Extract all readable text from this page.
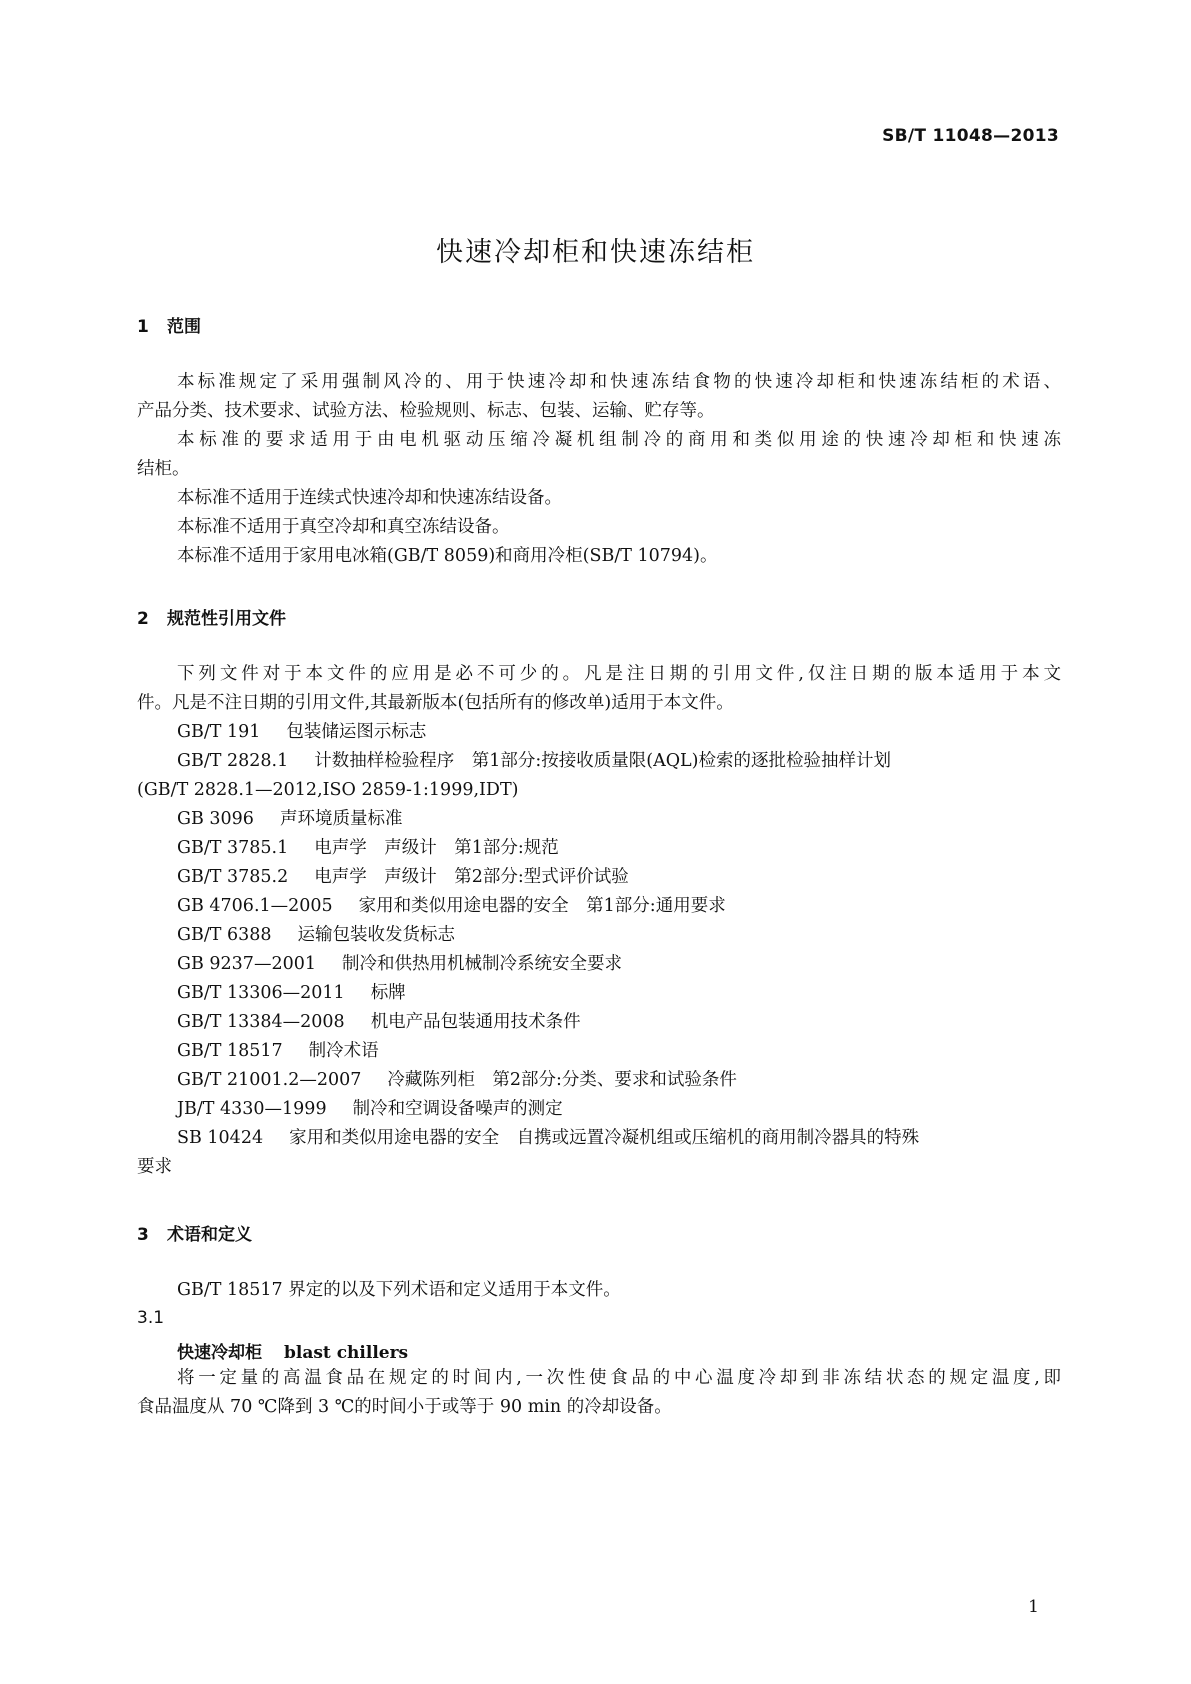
SB/T 11048—2013
快速冷却柜和快速冻结柜
1 范围
本标准规定了采用强制风冷的、用于快速冷却和快速冻结食物的快速冷却柜和快速冻结柜的术语、
产品分类、技术要求、试验方法、检验规则、标志、包装、运输、贮存等。
本标准的要求适用于由电机驱动压缩冷凝机组制冷的商用和类似用途的快速冷却柜和快速冻
结柜。
本标准不适用于连续式快速冷却和快速冻结设备。
本标准不适用于真空冷却和真空冻结设备。
本标准不适用于家用电冰箱(GB/T 8059)和商用冷柜(SB/T 10794)。
2 规范性引用文件
下列文件对于本文件的应用是必不可少的。凡是注日期的引用文件,仅注日期的版本适用于本文
件。凡是不注日期的引用文件,其最新版本(包括所有的修改单)适用于本文件。
GB/T 191 包装储运图示标志
GB/T 2828.1 计数抽样检验程序　第1部分:按接收质量限(AQL)检索的逐批检验抽样计划
(GB/T 2828.1—2012,ISO 2859-1:1999,IDT)
GB 3096 声环境质量标准
GB/T 3785.1 电声学　声级计　第1部分:规范
GB/T 3785.2 电声学　声级计　第2部分:型式评价试验
GB 4706.1—2005 家用和类似用途电器的安全　第1部分:通用要求
GB/T 6388 运输包装收发货标志
GB 9237—2001 制冷和供热用机械制冷系统安全要求
GB/T 13306—2011 标牌
GB/T 13384—2008 机电产品包装通用技术条件
GB/T 18517 制冷术语
GB/T 21001.2—2007 冷藏陈列柜　第2部分:分类、要求和试验条件
JB/T 4330—1999 制冷和空调设备噪声的测定
SB 10424 家用和类似用途电器的安全　自携或远置冷凝机组或压缩机的商用制冷器具的特殊
要求
3 术语和定义
GB/T 18517 界定的以及下列术语和定义适用于本文件。
3.1
快速冷却柜 blast chillers
将一定量的高温食品在规定的时间内,一次性使食品的中心温度冷却到非冻结状态的规定温度,即
食品温度从 70 ℃降到 3 ℃的时间小于或等于 90 min 的冷却设备。
1
